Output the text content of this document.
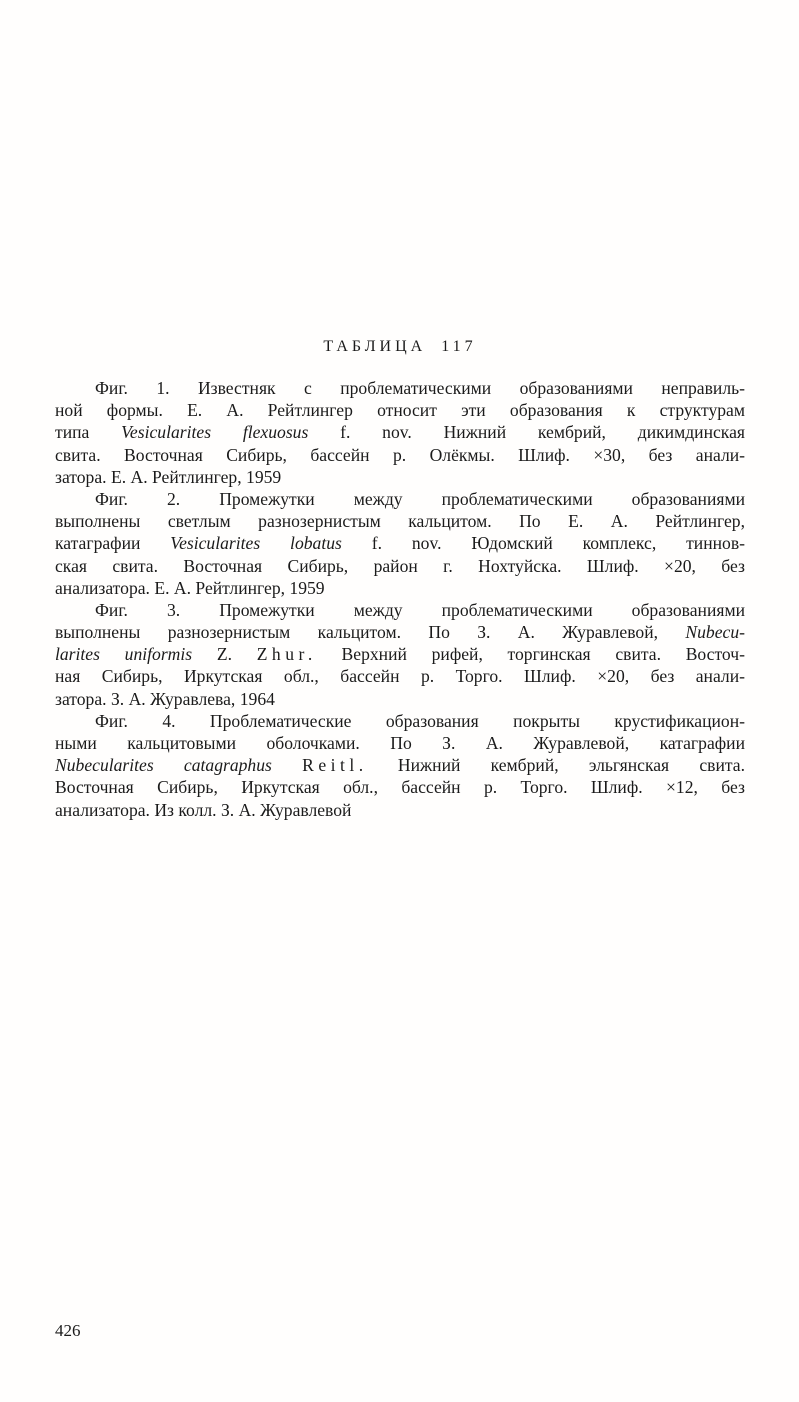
ТАБЛИЦА 117
Фиг. 1. Известняк с проблематическими образованиями неправиль-
ной формы. Е. А. Рейтлингер относит эти образования к структурам
типа Vesicularites flexuosus f. nov. Нижний кембрий, дикимдинская
свита. Восточная Сибирь, бассейн р. Олёкмы. Шлиф. ×30, без анали-
затора. Е. А. Рейтлингер, 1959
Фиг. 2. Промежутки между проблематическими образованиями
выполнены светлым разнозернистым кальцитом. По Е. А. Рейтлингер,
катаграфии Vesicularites lobatus f. nov. Юдомский комплекс, тиннов-
ская свита. Восточная Сибирь, район г. Нохтуйска. Шлиф. ×20, без
анализатора. Е. А. Рейтлингер, 1959
Фиг. 3. Промежутки между проблематическими образованиями
выполнены разнозернистым кальцитом. По З. А. Журавлевой, Nubecu-
larites uniformis Z. Zhur. Верхний рифей, торгинская свита. Восточ-
ная Сибирь, Иркутская обл., бассейн р. Торго. Шлиф. ×20, без анали-
затора. З. А. Журавлева, 1964
Фиг. 4. Проблематические образования покрыты крустификацион-
ными кальцитовыми оболочками. По З. А. Журавлевой, катаграфии
Nubecularites catagraphus Reitl. Нижний кембрий, эльгянская свита.
Восточная Сибирь, Иркутская обл., бассейн р. Торго. Шлиф. ×12, без
анализатора. Из колл. З. А. Журавлевой
426
